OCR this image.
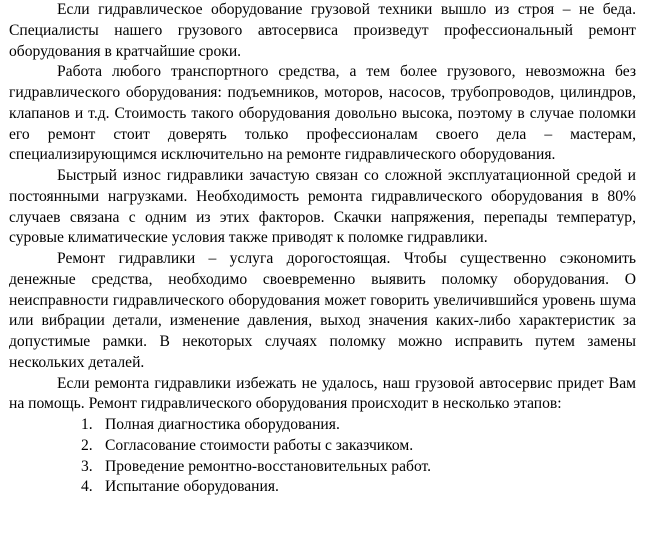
Если гидравлическое оборудование грузовой техники вышло из строя – не беда. Специалисты нашего грузового автосервиса произведут профессиональный ремонт оборудования в кратчайшие сроки.

Работа любого транспортного средства, а тем более грузового, невозможна без гидравлического оборудования: подъемников, моторов, насосов, трубопроводов, цилиндров, клапанов и т.д. Стоимость такого оборудования довольно высока, поэтому в случае поломки его ремонт стоит доверять только профессионалам своего дела – мастерам, специализирующимся исключительно на ремонте гидравлического оборудования.

Быстрый износ гидравлики зачастую связан со сложной эксплуатационной средой и постоянными нагрузками. Необходимость ремонта гидравлического оборудования в 80% случаев связана с одним из этих факторов. Скачки напряжения, перепады температур, суровые климатические условия также приводят к поломке гидравлики.

Ремонт гидравлики – услуга дорогостоящая. Чтобы существенно сэкономить денежные средства, необходимо своевременно выявить поломку оборудования. О неисправности гидравлического оборудования может говорить увеличившийся уровень шума или вибрации детали, изменение давления, выход значения каких-либо характеристик за допустимые рамки. В некоторых случаях поломку можно исправить путем замены нескольких деталей.

Если ремонта гидравлики избежать не удалось, наш грузовой автосервис придет Вам на помощь. Ремонт гидравлического оборудования происходит в несколько этапов:

1. Полная диагностика оборудования.
2. Согласование стоимости работы с заказчиком.
3. Проведение ремонтно-восстановительных работ.
4. Испытание оборудования.
